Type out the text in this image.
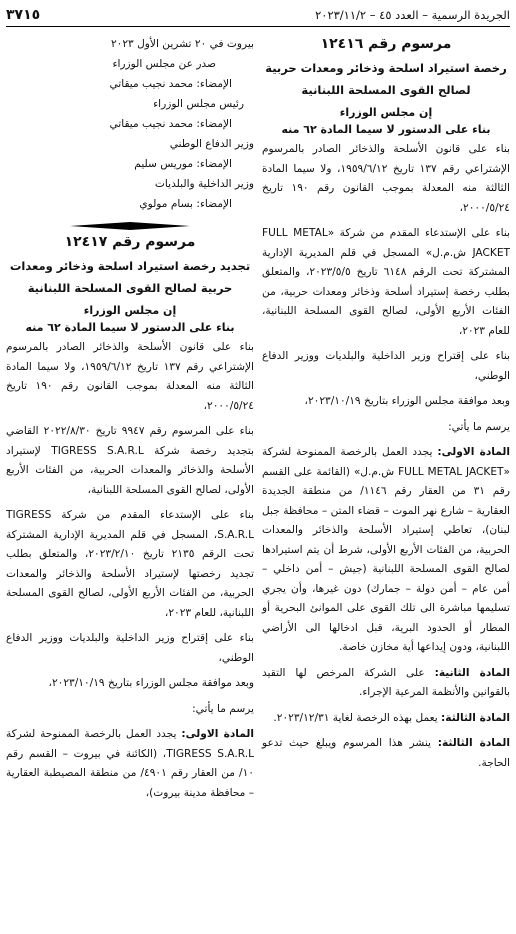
الجريدة الرسمية – العدد ٤٥ – ٢٠٢٣/١١/٢
٣٧١٥
مرسوم رقم ١٢٤١٦
رخصة استيراد اسلحة وذخائر ومعدات حربية لصالح القوى المسلحة اللبنانية
إن مجلس الوزراء
بناء على الدستور لا سيما المادة ٦٢ منه

بناء على قانون الأسلحة والذخائر الصادر بالمرسوم الإشتراعي رقم ١٣٧ تاريخ ١٩٥٩/٦/١٢، ولا سيما المادة الثالثة منه المعدلة بموجب القانون رقم ١٩٠ تاريخ ٢٠٠٠/٥/٢٤،

بناء على الإستدعاء المقدم من شركة «FULL METAL JACKET ش.م.ل» المسجل في قلم المديرية الإدارية المشتركة تحت الرقم ٦١٤٨ تاريخ ٢٠٢٣/٥/٥، والمتعلق بطلب رخصة إستيراد أسلحة وذخائر ومعدات حربية، من الفئات الأربع الأولى، لصالح القوى المسلحة اللبنانية، للعام ٢٠٢٣،

بناء على إقتراح وزير الداخلية والبلديات ووزير الدفاع الوطني،

وبعد موافقة مجلس الوزراء بتاريخ ٢٠٢٣/١٠/١٩،

يرسم ما يأتي:

المادة الاولى: يجدد العمل بالرخصة الممنوحة لشركة «FULL METAL JACKET ش.م.ل» (القائمة على القسم رقم ٣١ من العقار رقم ١١٤٦/ من منطقة الجديدة العقارية – شارع نهر الموت – قضاء المتن – محافظة جبل لبنان)، تعاطي إستيراد الأسلحة والذخائر والمعدات الحربية، من الفئات الأربع الأولى، شرط أن يتم استيرادها لصالح القوى المسلحة اللبنانية (جيش – أمن داخلي – أمن عام – أمن دولة – جمارك) دون غيرها، وأن يجري تسليمها مباشرة الى تلك القوى على الموانئ البحرية أو المطار أو الحدود البرية، قبل ادخالها الى الأراضي اللبنانية، ودون إيداعها أية مخازن خاصة.

المادة الثانية: على الشركة المرخص لها التقيد بالقوانين والأنظمة المرعية الإجراء.

المادة الثالثة: يعمل بهذه الرخصة لغاية ٢٠٢٣/١٢/٣١.

المادة الثالثة: ينشر هذا المرسوم ويبلغ حيث تدعو الحاجة.

بيروت في ٢٠ تشرين الأول ٢٠٢٣
صدر عن مجلس الوزراء
الإمضاء: محمد نجيب ميقاتي
رئيس مجلس الوزراء
الإمضاء: محمد نجيب ميقاتي
وزير الدفاع الوطني
الإمضاء: موريس سليم
وزير الداخلية والبلديات
الإمضاء: بسام مولوي
مرسوم رقم ١٢٤١٧
تجديد رخصة استيراد اسلحة وذخائر ومعدات حربية لصالح القوى المسلحة اللبنانية
إن مجلس الوزراء
بناء على الدستور لا سيما المادة ٦٢ منه

بناء على قانون الأسلحة والذخائر الصادر بالمرسوم الإشتراعي رقم ١٣٧ تاريخ ١٩٥٩/٦/١٢، ولا سيما المادة الثالثة منه المعدلة بموجب القانون رقم ١٩٠ تاريخ ٢٠٠٠/٥/٢٤،

بناء على المرسوم رقم ٩٩٤٧ تاريخ ٢٠٢٢/٨/٣٠ القاضي بتجديد رخصة شركة TIGRESS S.A.R.L لإستيراد الأسلحة والذخائر والمعدات الحربية، من الفئات الأربع الأولى، لصالح القوى المسلحة اللبنانية،

بناء على الإستدعاء المقدم من شركة TIGRESS S.A.R.L، المسجل في قلم المديرية الإدارية المشتركة تحت الرقم ٢١٣٥ تاريخ ٢٠٢٣/٢/١٠، والمتعلق بطلب تجديد رخصتها لإستيراد الأسلحة والذخائر والمعدات الحربية، من الفئات الأربع الأولى، لصالح القوى المسلحة اللبنانية، للعام ٢٠٢٣،

بناء على إقتراح وزير الداخلية والبلديات ووزير الدفاع الوطني،

وبعد موافقة مجلس الوزراء بتاريخ ٢٠٢٣/١٠/١٩،

يرسم ما يأتي:

المادة الاولى: يجدد العمل بالرخصة الممنوحة لشركة TIGRESS S.A.R.L، (الكائنة في بيروت – القسم رقم ١٠/ من العقار رقم ٤٩٠١/ من منطقة المصيطبة العقارية – محافظة مدينة بيروت)،
